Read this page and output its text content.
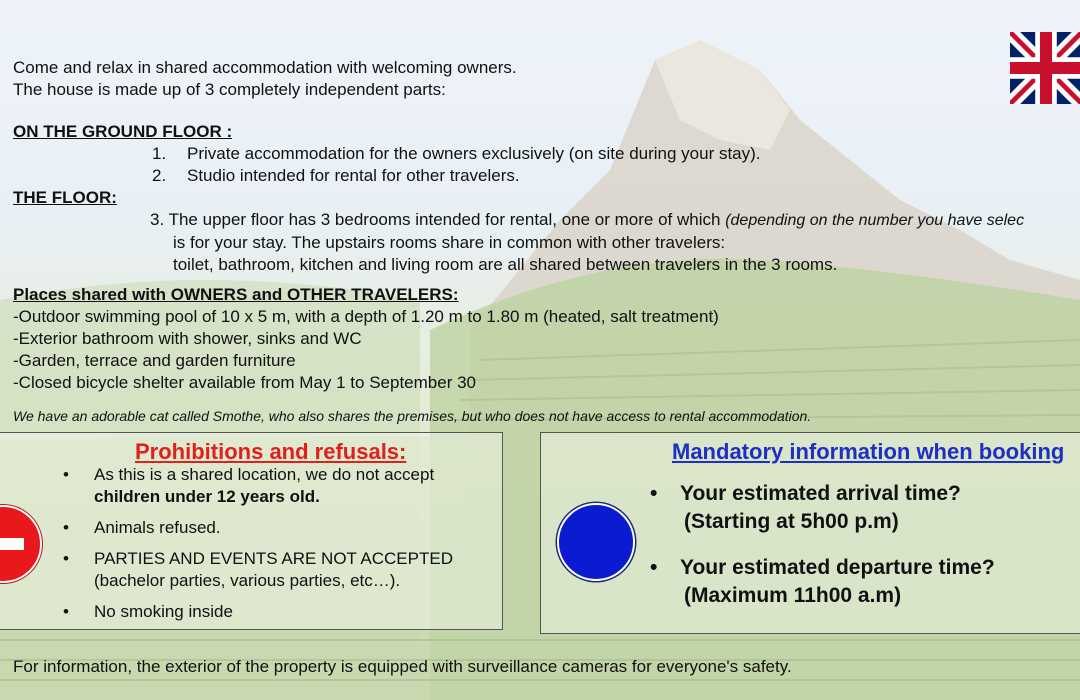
Come and relax in shared accommodation with welcoming owners.
The house is made up of 3 completely independent parts:
ON THE GROUND FLOOR :
1. Private accommodation for the owners exclusively (on site during your stay).
2. Studio intended for rental for other travelers.
THE FLOOR:
3. The upper floor has 3 bedrooms intended for rental, one or more of which (depending on the number you have selec
is for your stay. The upstairs rooms share in common with other travelers:
toilet, bathroom, kitchen and living room are all shared between travelers in the 3 rooms.
Places shared with OWNERS and OTHER TRAVELERS:
-Outdoor swimming pool of 10 x 5 m, with a depth of 1.20 m to 1.80 m (heated, salt treatment)
-Exterior bathroom with shower, sinks and WC
-Garden, terrace and garden furniture
-Closed bicycle shelter available from May 1 to September 30
We have an adorable cat called Smothe, who also shares the premises, but who does not have access to rental accommodation.
Prohibitions and refusals:
• As this is a shared location, we do not accept
children under 12 years old.
• Animals refused.
• PARTIES AND EVENTS ARE NOT ACCEPTED
(bachelor parties, various parties, etc…).
• No smoking inside
Mandatory information when booking
• Your estimated arrival time?
(Starting at 5h00 p.m)
• Your estimated departure time?
(Maximum 11h00 a.m)
For information, the exterior of the property is equipped with surveillance cameras for everyone's safety.
